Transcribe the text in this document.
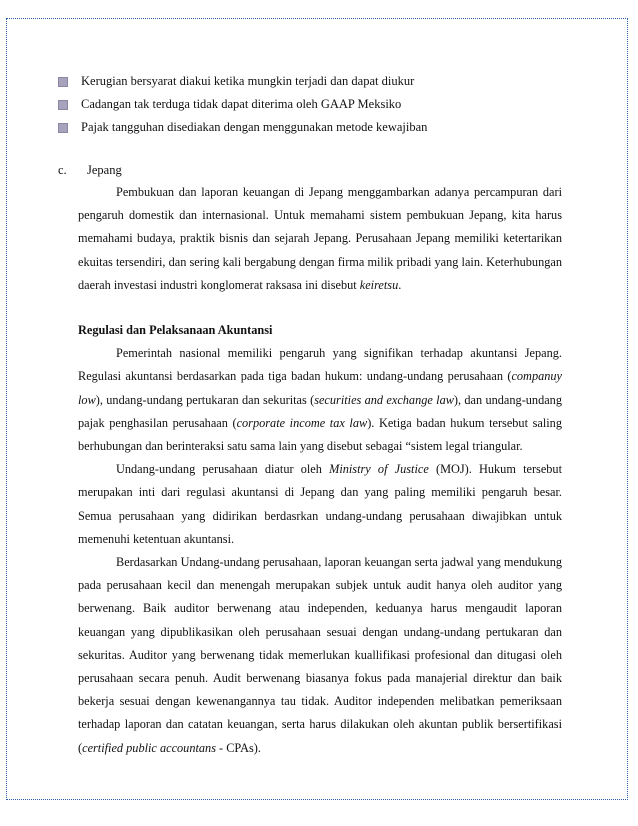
Kerugian bersyarat diakui ketika mungkin terjadi dan dapat diukur
Cadangan tak terduga tidak dapat diterima oleh GAAP Meksiko
Pajak tangguhan disediakan dengan menggunakan metode kewajiban
c.	Jepang

Pembukuan dan laporan keuangan di Jepang menggambarkan adanya percampuran dari pengaruh domestik dan internasional. Untuk memahami sistem pembukuan Jepang, kita harus memahami budaya, praktik bisnis dan sejarah Jepang. Perusahaan Jepang memiliki ketertarikan ekuitas tersendiri, dan sering kali bergabung dengan firma milik pribadi yang lain. Keterhubungan daerah investasi industri konglomerat raksasa ini disebut keiretsu.

Regulasi dan Pelaksanaan Akuntansi

Pemerintah nasional memiliki pengaruh yang signifikan terhadap akuntansi Jepang. Regulasi akuntansi berdasarkan pada tiga badan hukum: undang-undang perusahaan (companuy low), undang-undang pertukaran dan sekuritas (securities and exchange law), dan undang-undang pajak penghasilan perusahaan (corporate income tax law). Ketiga badan hukum tersebut saling berhubungan dan berinteraksi satu sama lain yang disebut sebagai “sistem legal triangular.

Undang-undang perusahaan diatur oleh Ministry of Justice (MOJ). Hukum tersebut merupakan inti dari regulasi akuntansi di Jepang dan yang paling memiliki pengaruh besar. Semua perusahaan yang didirikan berdasrkan undang-undang perusahaan diwajibkan untuk memenuhi ketentuan akuntansi.

Berdasarkan Undang-undang perusahaan, laporan keuangan serta jadwal yang mendukung pada perusahaan kecil dan menengah merupakan subjek untuk audit hanya oleh auditor yang berwenang. Baik auditor berwenang atau independen, keduanya harus mengaudit laporan keuangan yang dipublikasikan oleh perusahaan sesuai dengan undang-undang pertukaran dan sekuritas. Auditor yang berwenang tidak memerlukan kuallifikasi profesional dan ditugasi oleh perusahaan secara penuh. Audit berwenang biasanya fokus pada manajerial direktur dan baik bekerja sesuai dengan kewenangannya tau tidak. Auditor independen melibatkan pemeriksaan terhadap laporan dan catatan keuangan, serta harus dilakukan oleh akuntan publik bersertifikasi (certified public accountans - CPAs).
